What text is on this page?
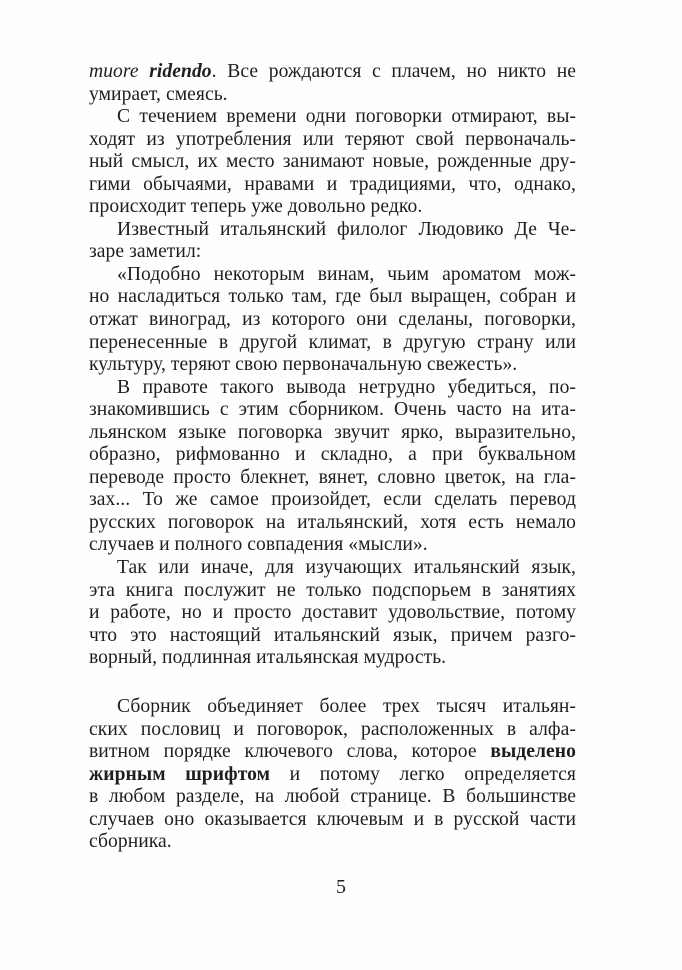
muore ridendo. Все рождаются с плачем, но никто не
умирает, смеясь.
С течением времени одни поговорки отмирают, вы-
ходят из употребления или теряют свой первоначаль-
ный смысл, их место занимают новые, рожденные дру-
гими обычаями, нравами и традициями, что, однако,
происходит теперь уже довольно редко.
Известный итальянский филолог Людовико Де Че-
заре заметил:
«Подобно некоторым винам, чьим ароматом мож-
но насладиться только там, где был выращен, собран и
отжат виноград, из которого они сделаны, поговорки,
перенесенные в другой климат, в другую страну или
культуру, теряют свою первоначальную свежесть».
В правоте такого вывода нетрудно убедиться, по-
знакомившись с этим сборником. Очень часто на ита-
льянском языке поговорка звучит ярко, выразительно,
образно, рифмованно и складно, а при буквальном
переводе просто блекнет, вянет, словно цветок, на гла-
зах... То же самое произойдет, если сделать перевод
русских поговорок на итальянский, хотя есть немало
случаев и полного совпадения «мысли».
Так или иначе, для изучающих итальянский язык,
эта книга послужит не только подспорьем в занятиях
и работе, но и просто доставит удовольствие, потому
что это настоящий итальянский язык, причем разго-
ворный, подлинная итальянская мудрость.
Сборник объединяет более трех тысяч итальян-
ских пословиц и поговорок, расположенных в алфа-
витном порядке ключевого слова, которое выделено
жирным шрифтом и потому легко определяется
в любом разделе, на любой странице. В большинстве
случаев оно оказывается ключевым и в русской части
сборника.
5
